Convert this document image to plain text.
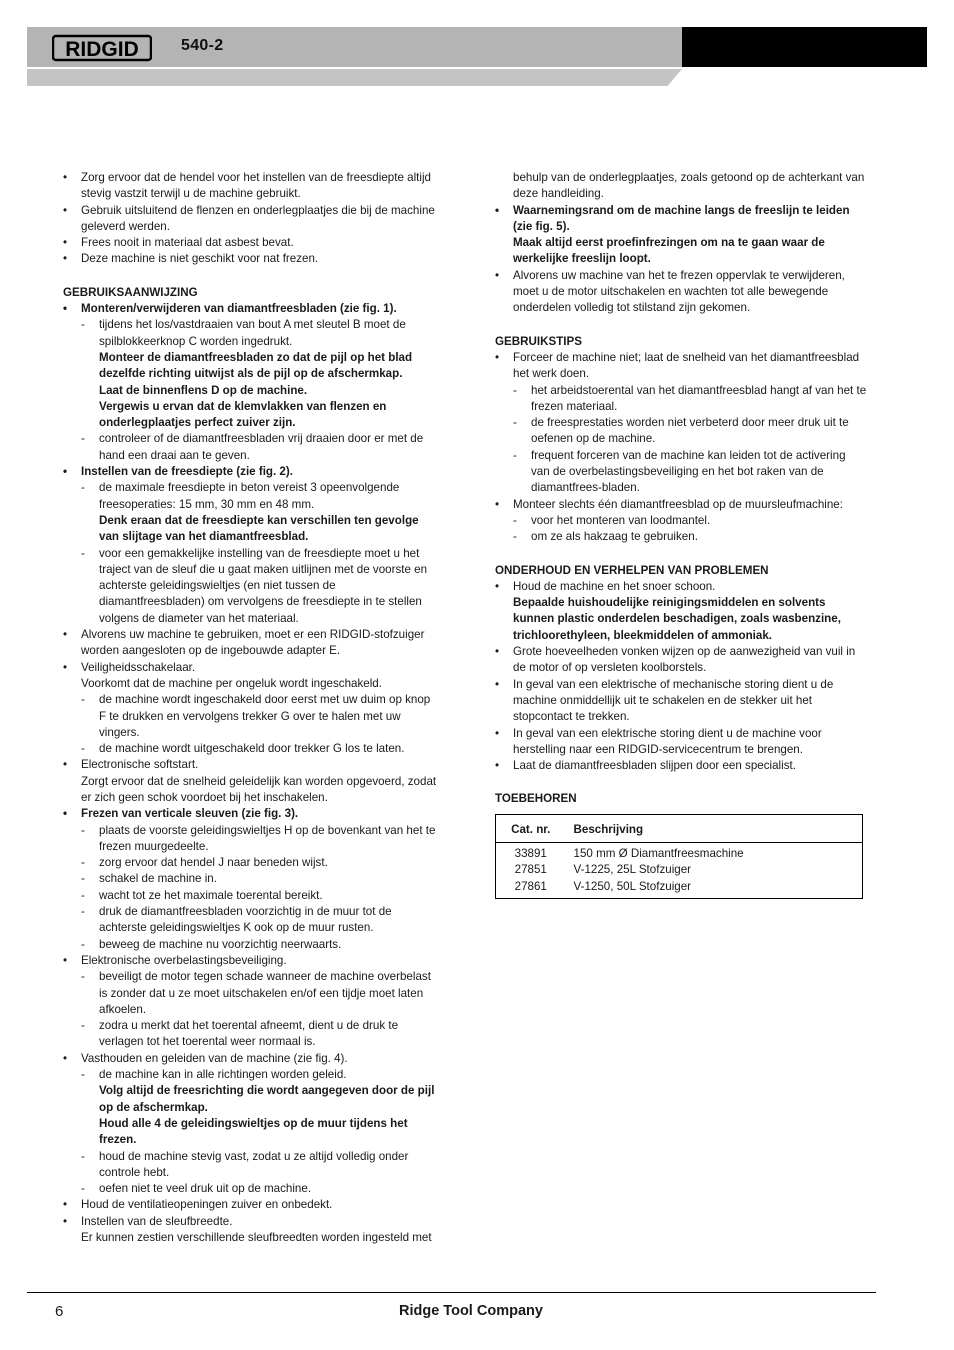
RIDGID	540-2
• Zorg ervoor dat de hendel voor het instellen van de freesdiepte altijd stevig vastzit terwijl u de machine gebruikt.
• Gebruik uitsluitend de flenzen en onderlegplaatjes die bij de machine geleverd werden.
• Frees nooit in materiaal dat asbest bevat.
• Deze machine is niet geschikt voor nat frezen.
GEBRUIKSAANWIJZING
• Monteren/verwijderen van diamantfreesbladen (zie fig. 1).
- tijdens het los/vastdraaien van bout A met sleutel B moet de spilblokkeerknop C worden ingedrukt.
Monteer de diamantfreesbladen zo dat de pijl op het blad dezelfde richting uitwijst als de pijl op de afschermkap.
Laat de binnenflens D op de machine.
Vergewis u ervan dat de klemvlakken van flenzen en onderlegplaatjes perfect zuiver zijn.
- controleer of de diamantfreesbladen vrij draaien door er met de hand een draai aan te geven.
• Instellen van de freesdiepte (zie fig. 2).
- de maximale freesdiepte in beton vereist 3 opeenvolgende freesoperaties: 15 mm, 30 mm en 48 mm.
Denk eraan dat de freesdiepte kan verschillen ten gevolge van slijtage van het diamantfreesblad.
- voor een gemakkelijke instelling van de freesdiepte moet u het traject van de sleuf die u gaat maken uitlijnen met de voorste en achterste geleidingswieltjes (en niet tussen de diamantfreesbladen) om vervolgens de freesdiepte in te stellen volgens de diameter van het materiaal.
• Alvorens uw machine te gebruiken, moet er een RIDGID-stofzuiger worden aangesloten op de ingebouwde adapter E.
• Veiligheidsschakelaar.
Voorkomt dat de machine per ongeluk wordt ingeschakeld.
- de machine wordt ingeschakeld door eerst met uw duim op knop F te drukken en vervolgens trekker G over te halen met uw vingers.
- de machine wordt uitgeschakeld door trekker G los te laten.
• Electronische softstart.
Zorgt ervoor dat de snelheid geleidelijk kan worden opgevoerd, zodat er zich geen schok voordoet bij het inschakelen.
• Frezen van verticale sleuven (zie fig. 3).
- plaats de voorste geleidingswieltjes H op de bovenkant van het te frezen muurgedeelte.
- zorg ervoor dat hendel J naar beneden wijst.
- schakel de machine in.
- wacht tot ze het maximale toerental bereikt.
- druk de diamantfreesbladen voorzichtig in de muur tot de achterste geleidingswieltjes K ook op de muur rusten.
- beweeg de machine nu voorzichtig neerwaarts.
• Elektronische overbelastingsbeveiliging.
- beveiligt de motor tegen schade wanneer de machine overbelast is zonder dat u ze moet uitschakelen en/of een tijdje moet laten afkoelen.
- zodra u merkt dat het toerental afneemt, dient u de druk te verlagen tot het toerental weer normaal is.
• Vasthouden en geleiden van de machine (zie fig. 4).
- de machine kan in alle richtingen worden geleid.
Volg altijd de freesrichting die wordt aangegeven door de pijl op de afschermkap.
Houd alle 4 de geleidingswieltjes op de muur tijdens het frezen.
- houd de machine stevig vast, zodat u ze altijd volledig onder controle hebt.
- oefen niet te veel druk uit op de machine.
• Houd de ventilatieopeningen zuiver en onbedekt.
• Instellen van de sleufbreedte.
Er kunnen zestien verschillende sleufbreedten worden ingesteld met
behulp van de onderlegplaatjes, zoals getoond op de achterkant van deze handleiding.
• Waarnemingsrand om de machine langs de freeslijn te leiden (zie fig. 5).
Maak altijd eerst proefinfrezingen om na te gaan waar de werkelijke freeslijn loopt.
• Alvorens uw machine van het te frezen oppervlak te verwijderen, moet u de motor uitschakelen en wachten tot alle bewegende onderdelen volledig tot stilstand zijn gekomen.
GEBRUIKSTIPS
• Forceer de machine niet; laat de snelheid van het diamantfreesblad het werk doen.
- het arbeidstoerental van het diamantfreesblad hangt af van het te frezen materiaal.
- de freesprestaties worden niet verbeterd door meer druk uit te oefenen op de machine.
- frequent forceren van de machine kan leiden tot de activering van de overbelastingsbeveiliging en het bot raken van de diamantfrees-bladen.
• Monteer slechts één diamantfreesblad op de muursleufmachine:
- voor het monteren van loodmantel.
- om ze als hakzaag te gebruiken.
ONDERHOUD EN VERHELPEN VAN PROBLEMEN
• Houd de machine en het snoer schoon.
Bepaalde huishoudelijke reinigingsmiddelen en solvents kunnen plastic onderdelen beschadigen, zoals wasbenzine, trichloorethyleen, bleekmiddelen of ammoniak.
• Grote hoeveelheden vonken wijzen op de aanwezigheid van vuil in de motor of op versleten koolborstels.
• In geval van een elektrische of mechanische storing dient u de machine onmiddellijk uit te schakelen en de stekker uit het stopcontact te trekken.
• In geval van een elektrische storing dient u de machine voor herstelling naar een RIDGID-servicecentrum te brengen.
• Laat de diamantfreesbladen slijpen door een specialist.
TOEBEHOREN
Cat. nr.	Beschrijving
33891	150 mm Ø Diamantfreesmachine
27851	V-1225, 25L Stofzuiger
27861	V-1250, 50L Stofzuiger
6	Ridge Tool Company
